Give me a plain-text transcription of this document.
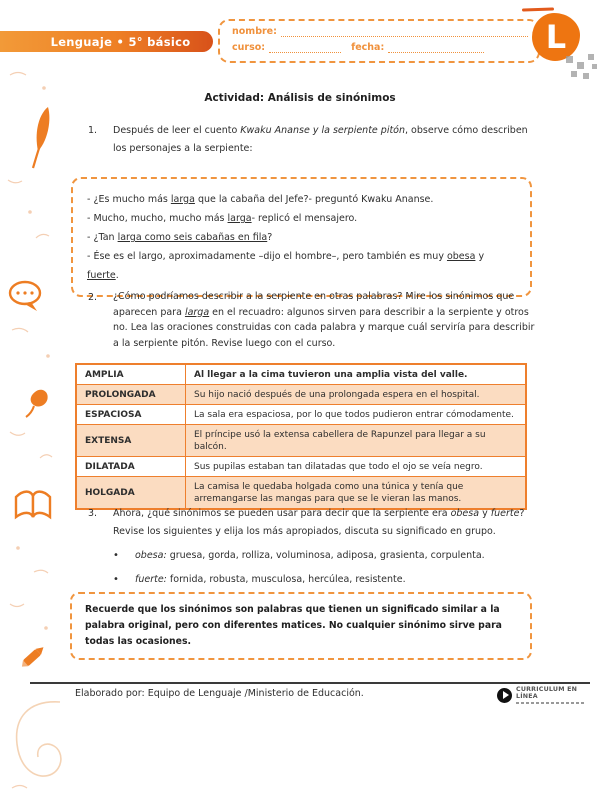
Lenguaje • 5° básico
nombre:
curso:	fecha:	L
Actividad: Análisis de sinónimos
1.	Después de leer el cuento Kwaku Ananse y la serpiente pitón, observe cómo describen los personajes a la serpiente:
- ¿Es mucho más larga que la cabaña del Jefe?- preguntó Kwaku Ananse.
- Mucho, mucho, mucho más larga- replicó el mensajero.
- ¿Tan larga como seis cabañas en fila?
- Ése es el largo, aproximadamente –dijo el hombre–, pero también es muy obesa y fuerte.
2.	¿Cómo podríamos describir a la serpiente en otras palabras? Mire los sinónimos que aparecen para larga en el recuadro: algunos sirven para describir a la serpiente y otros no. Lea las oraciones construidas con cada palabra y marque cuál serviría para describir a la serpiente pitón. Revise luego con el curso.
AMPLIA	Al llegar a la cima tuvieron una amplia vista del valle.
PROLONGADA	Su hijo nació después de una prolongada espera en el hospital.
ESPACIOSA	La sala era espaciosa, por lo que todos pudieron entrar cómodamente.
EXTENSA	El príncipe usó la extensa cabellera de Rapunzel para llegar a su balcón.
DILATADA	Sus pupilas estaban tan dilatadas que todo el ojo se veía negro.
HOLGADA	La camisa le quedaba holgada como una túnica y tenía que arremangarse las mangas para que se le vieran las manos.
3.	Ahora, ¿qué sinónimos se pueden usar para decir que la serpiente era obesa y fuerte? Revise los siguientes y elija los más apropiados, discuta su significado en grupo.
•	obesa: gruesa, gorda, rolliza, voluminosa, adiposa, grasienta, corpulenta.
•	fuerte: fornida, robusta, musculosa, hercúlea, resistente.
Recuerde que los sinónimos son palabras que tienen un significado similar a la palabra original, pero con diferentes matices. No cualquier sinónimo sirve para todas las ocasiones.
Elaborado por: Equipo de Lenguaje /Ministerio de Educación.	CURRICULUM EN LÍNEA
